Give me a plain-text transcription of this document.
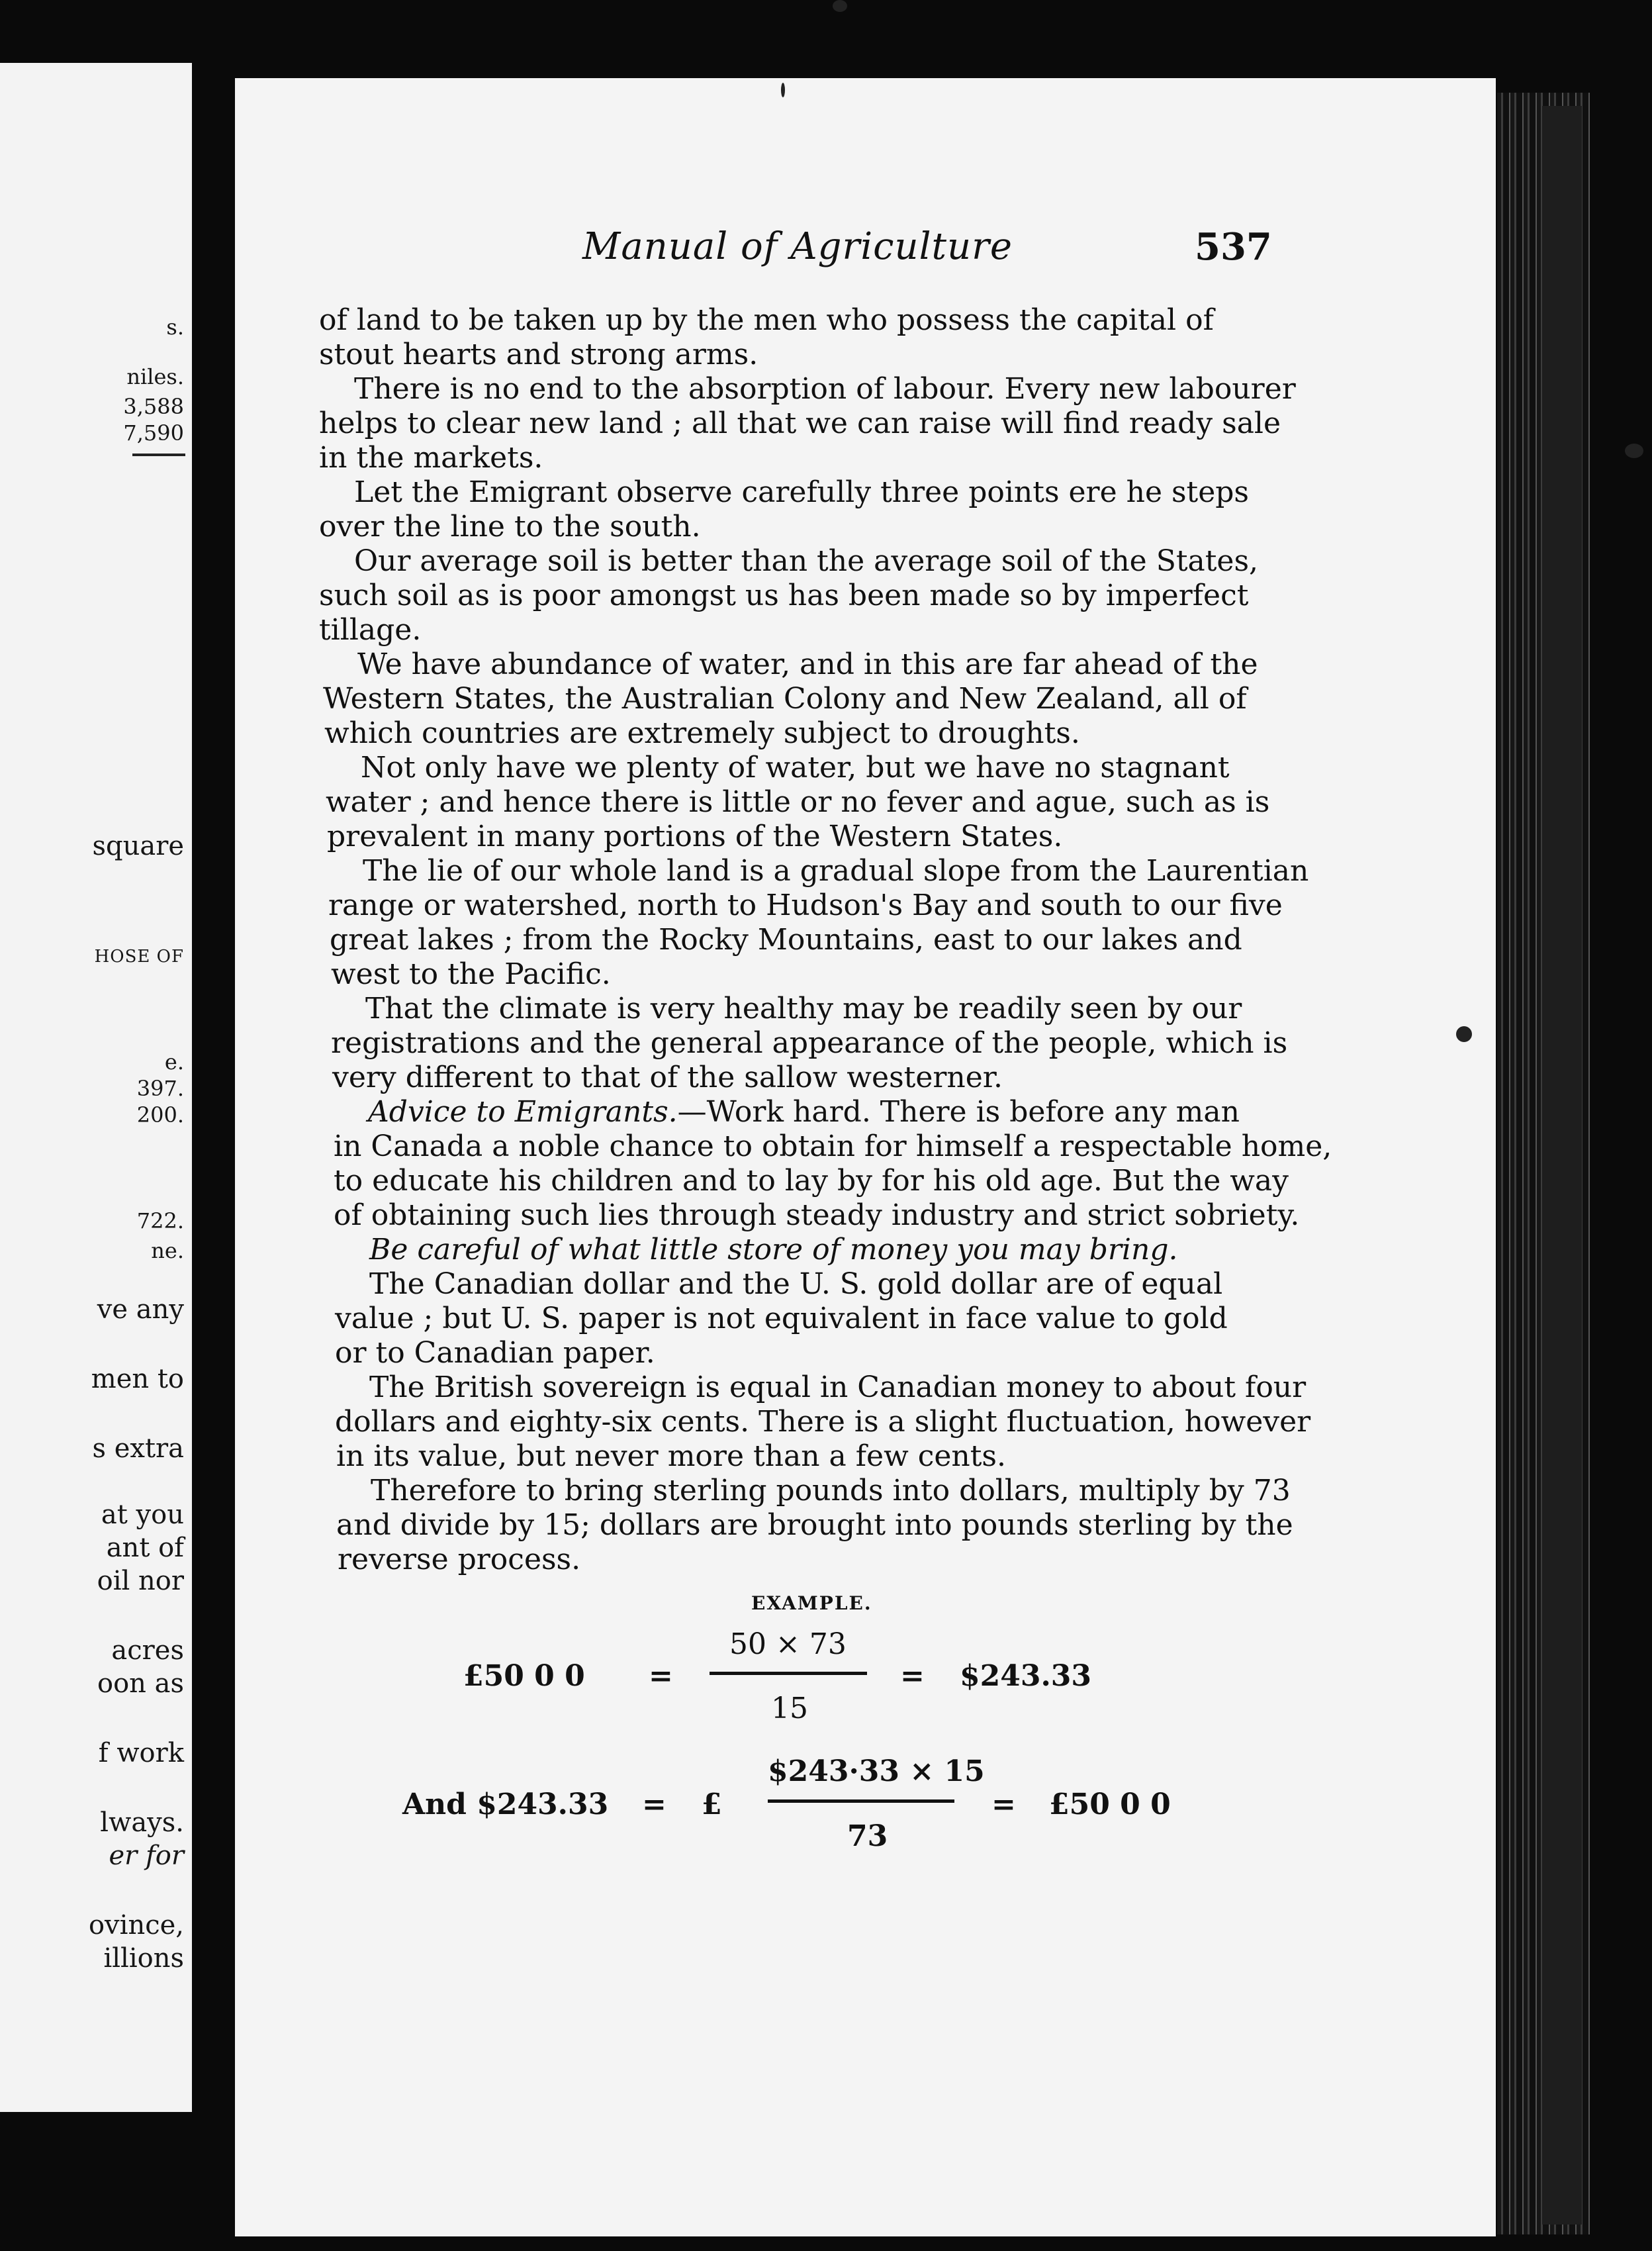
s.
niles.
3,588
7,590
square
HOSE OF
e.
397.
200.
722.
ne.
ve any
men to
s extra
at you
ant of
oil nor
acres
oon as
f work
lways.
er for
ovince,
illions
Manual of Agriculture	537
of land to be taken up by the men who possess the capital of
stout hearts and strong arms.
There is no end to the absorption of labour. Every new labourer
helps to clear new land ; all that we can raise will find ready sale
in the markets.
Let the Emigrant observe carefully three points ere he steps
over the line to the south.
Our average soil is better than the average soil of the States,
such soil as is poor amongst us has been made so by imperfect
tillage.
We have abundance of water, and in this are far ahead of the
Western States, the Australian Colony and New Zealand, all of
which countries are extremely subject to droughts.
Not only have we plenty of water, but we have no stagnant
water ; and hence there is little or no fever and ague, such as is
prevalent in many portions of the Western States.
The lie of our whole land is a gradual slope from the Laurentian
range or watershed, north to Hudson's Bay and south to our five
great lakes ; from the Rocky Mountains, east to our lakes and
west to the Pacific.
That the climate is very healthy may be readily seen by our
registrations and the general appearance of the people, which is
very different to that of the sallow westerner.
Advice to Emigrants.—Work hard. There is before any man
in Canada a noble chance to obtain for himself a respectable home,
to educate his children and to lay by for his old age. But the way
of obtaining such lies through steady industry and strict sobriety.
Be careful of what little store of money you may bring.
The Canadian dollar and the U. S. gold dollar are of equal
value ; but U. S. paper is not equivalent in face value to gold
or to Canadian paper.
The British sovereign is equal in Canadian money to about four
dollars and eighty-six cents. There is a slight fluctuation, however
in its value, but never more than a few cents.
Therefore to bring sterling pounds into dollars, multiply by 73
and divide by 15; dollars are brought into pounds sterling by the
reverse process.
EXAMPLE.
£50 0 0 =
50 × 73
15
= $243.33
And $243.33 = £
$243·33 × 15
73
= £50 0 0
